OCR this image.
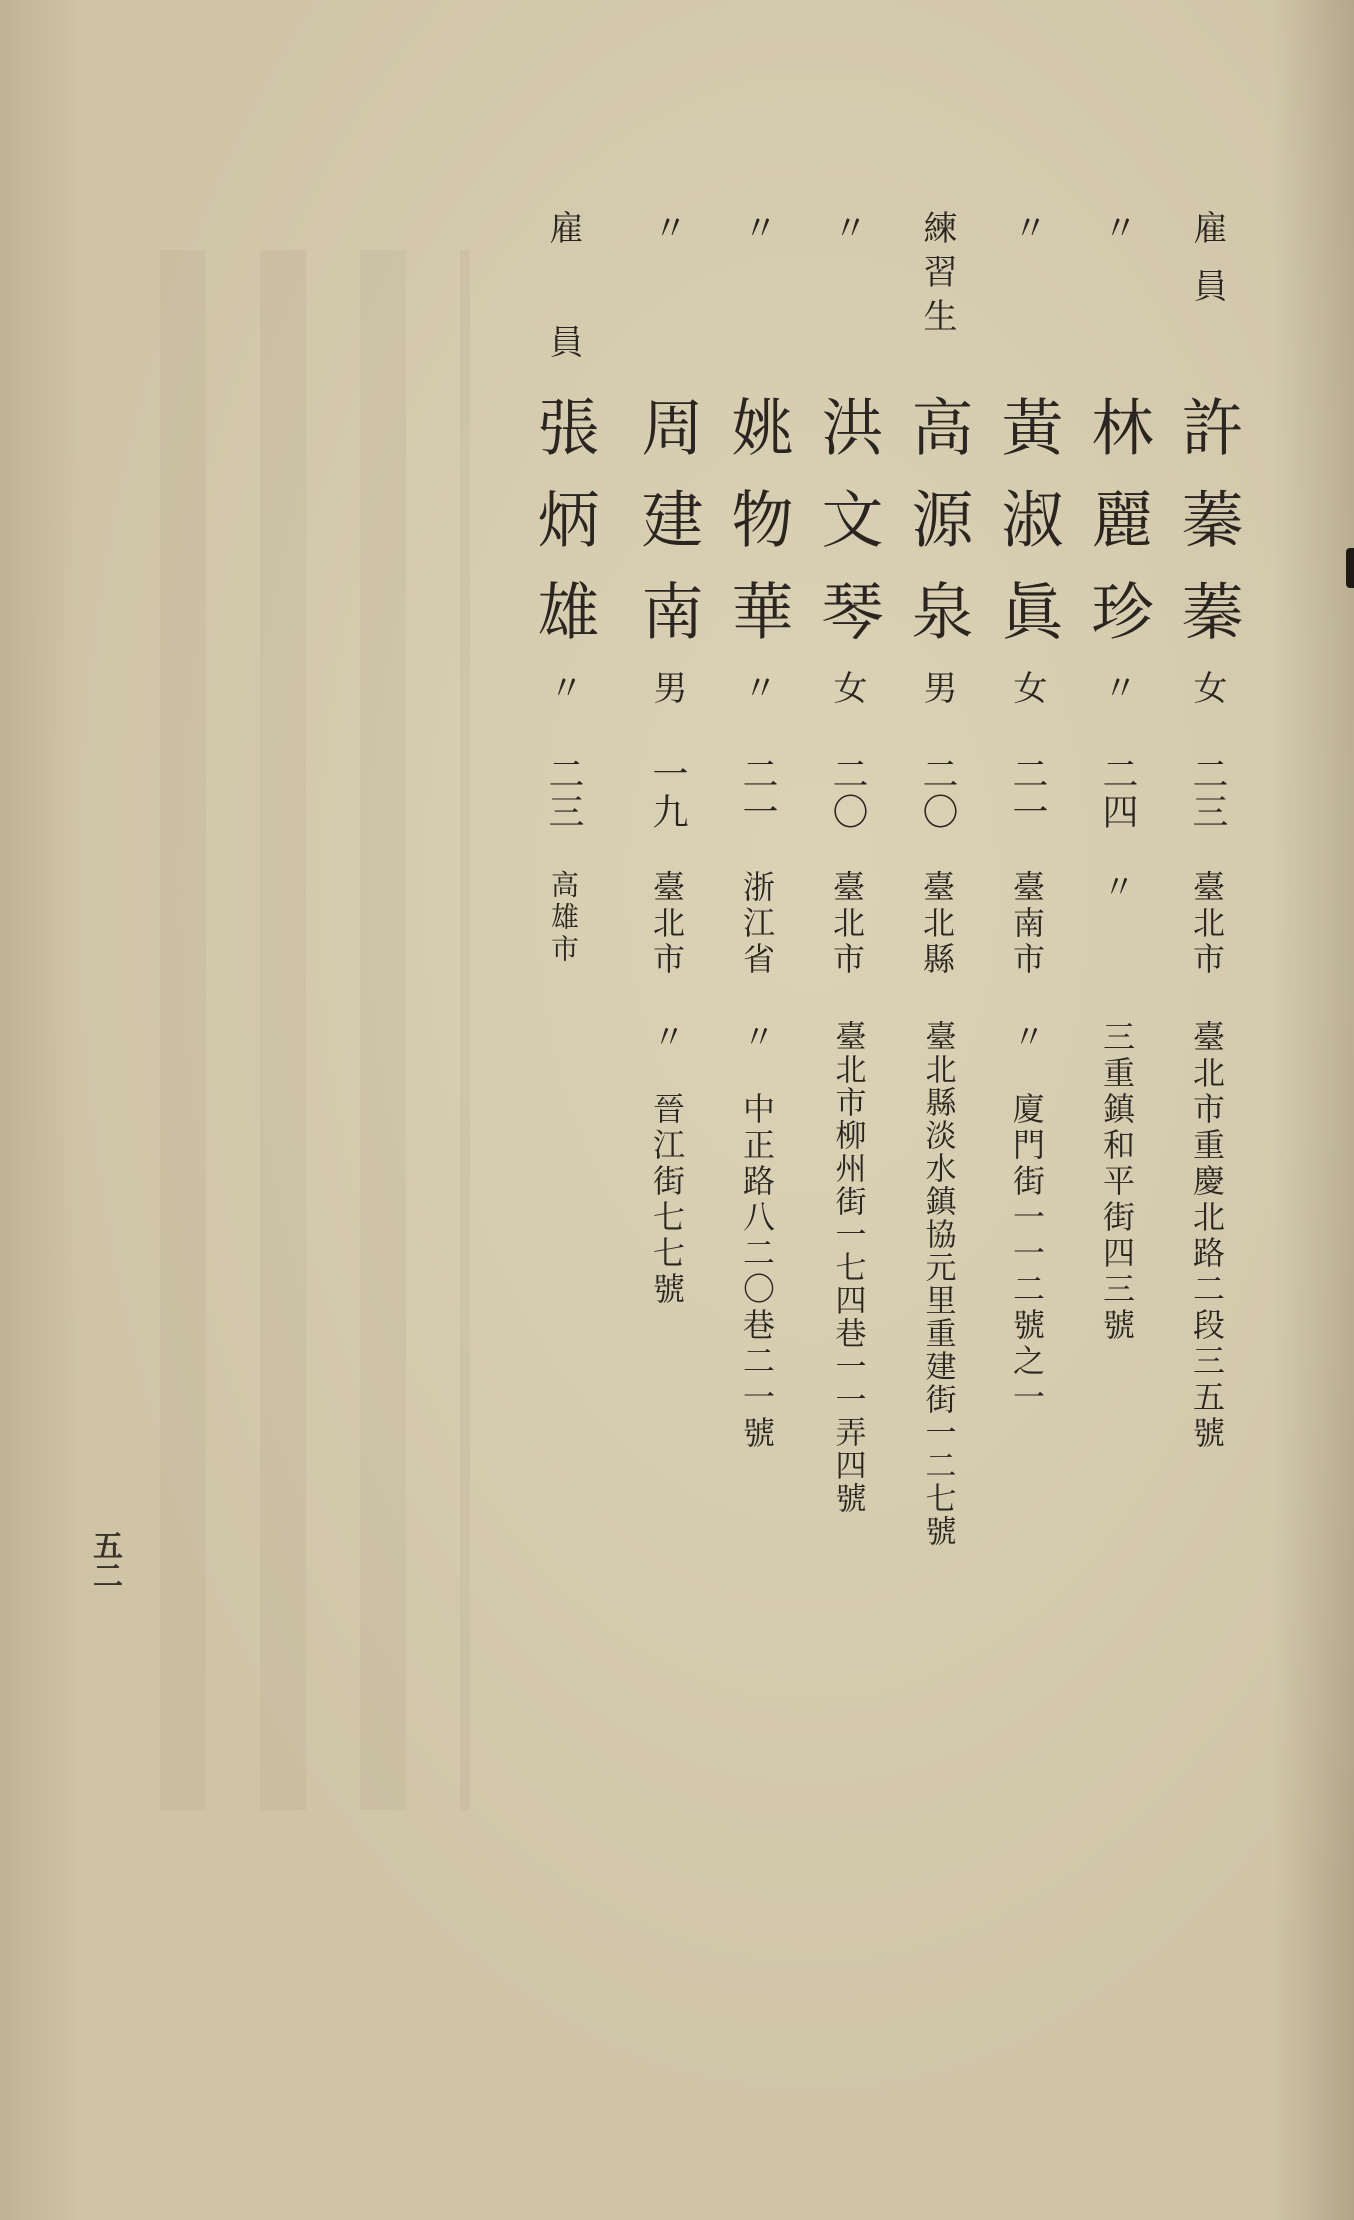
雇員
許蓁蓁
女
二三
臺北市
臺北市重慶北路二段三五號
〃
林麗珍
〃
二四
〃
三重鎮和平街四三號
〃
黃淑眞
女
二一
臺南市
〃　廈門街一一二號之一
練習生
高源泉
男
二〇
臺北縣
臺北縣淡水鎮協元里重建街一二七號
〃
洪文琴
女
二〇
臺北市
臺北市柳州街一七四巷一一弄四號
〃
姚物華
〃
二一
浙江省
〃　中正路八二〇巷二一號
〃
周建南
男
一九
臺北市
〃　晉江街七七號
雇員
張炳雄
〃
二三
高雄市
五二
